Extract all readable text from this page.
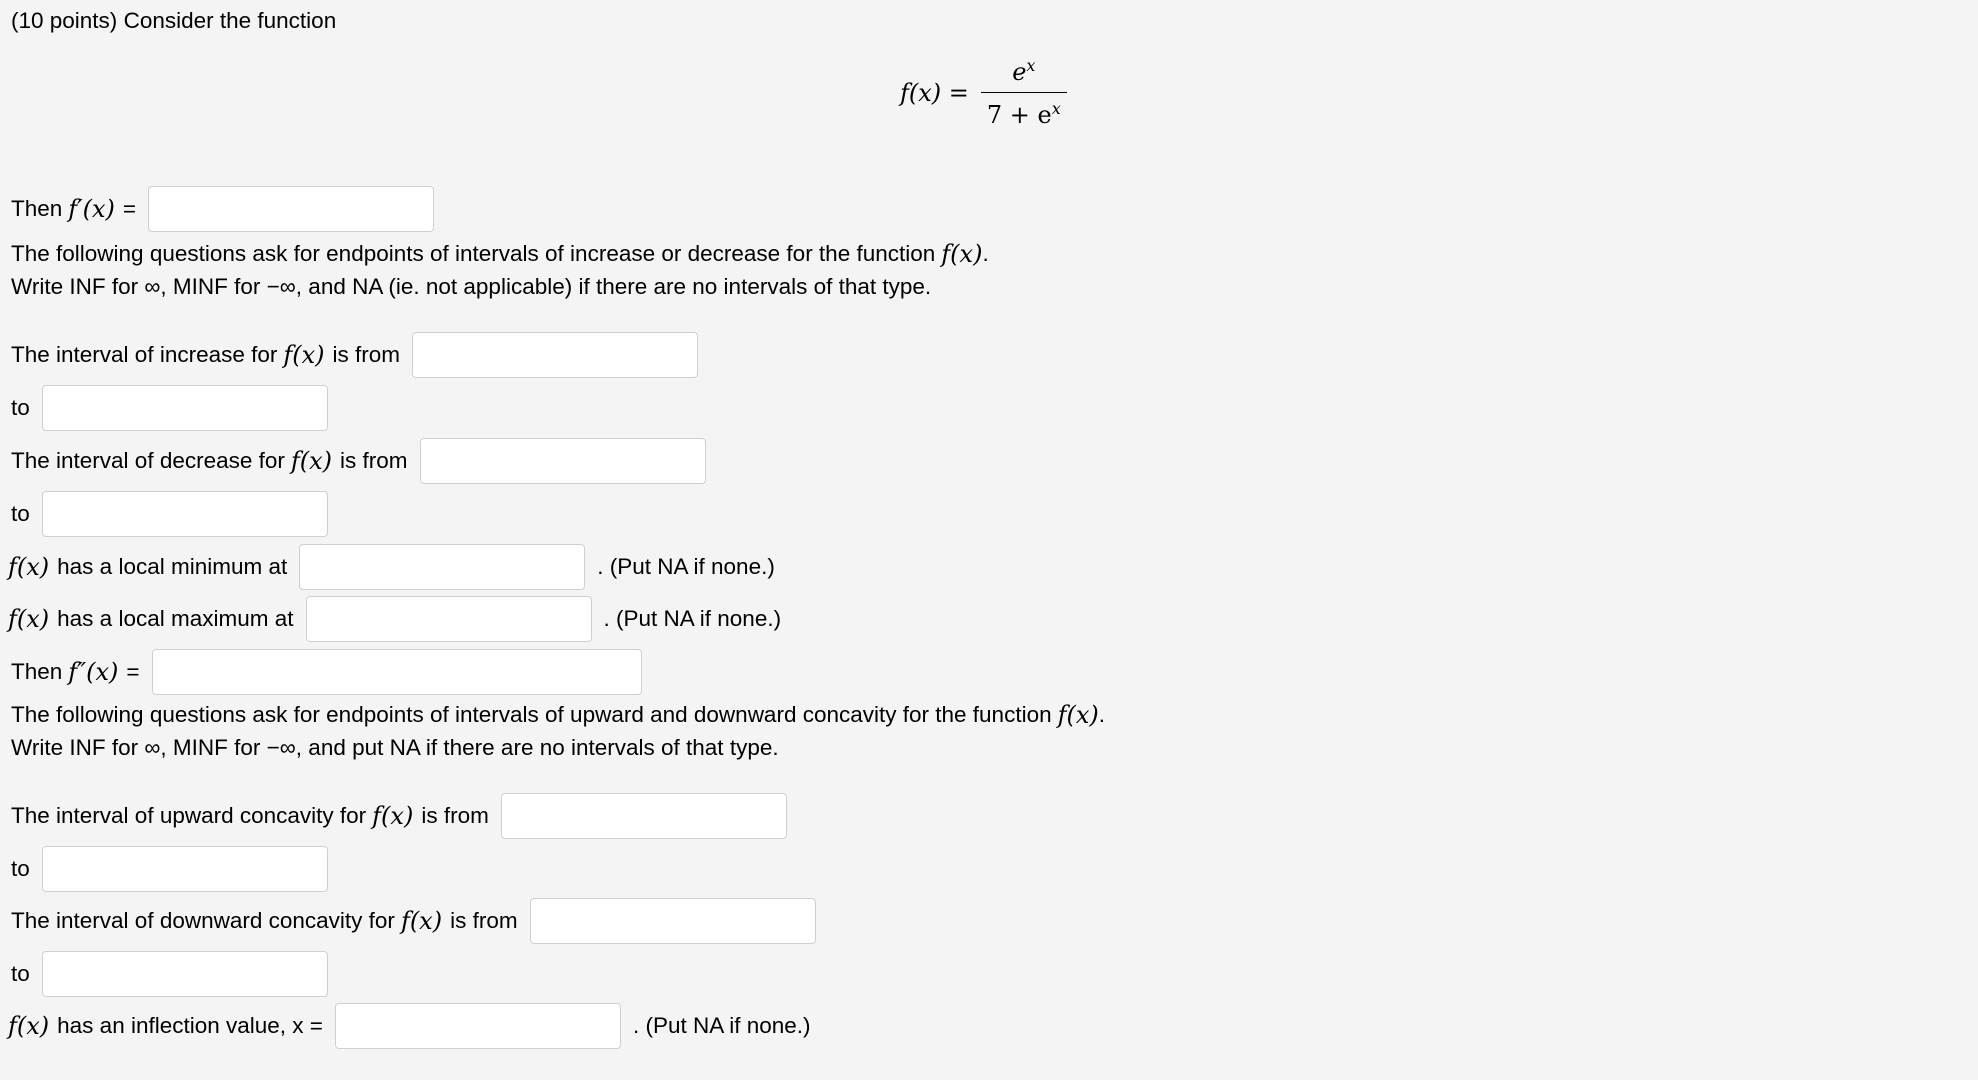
(10 points) Consider the function
$f(x) = \frac{e^x}{7 + e^x}$
Then f′(x) =
The following questions ask for endpoints of intervals of increase or decrease for the function f(x) .
Write INF for ∞, MINF for −∞, and NA (ie. not applicable) if there are no intervals of that type.
The interval of increase for f(x) is from
to
The interval of decrease for f(x) is from
to
f(x) has a local minimum at	. (Put NA if none.)
f(x) has a local maximum at	. (Put NA if none.)
Then f″(x) =
The following questions ask for endpoints of intervals of upward and downward concavity for the function f(x) .
Write INF for ∞, MINF for −∞, and put NA if there are no intervals of that type.
The interval of upward concavity for f(x) is from
to
The interval of downward concavity for f(x) is from
to
f(x) has an inflection value, x =	. (Put NA if none.)
